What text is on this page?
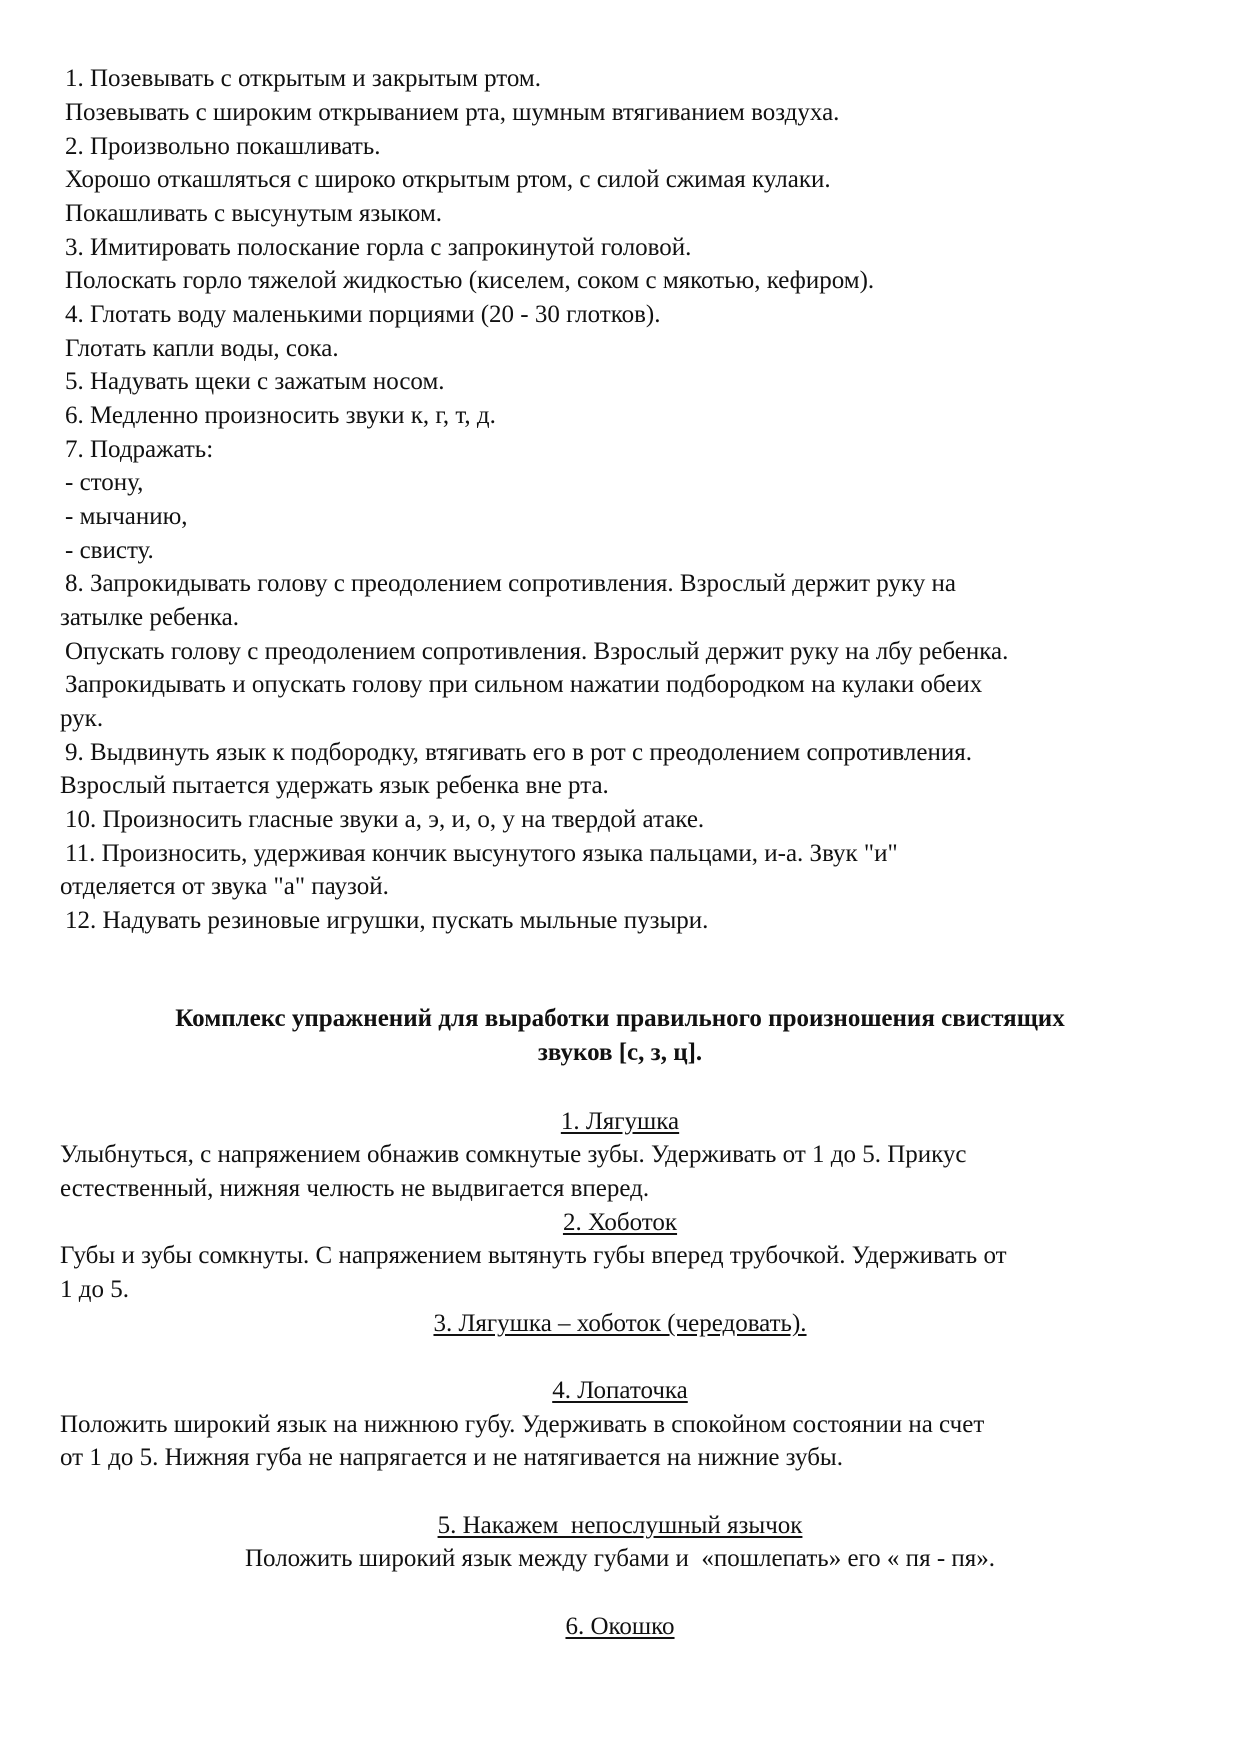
1. Позевывать с открытым и закрытым ртом.
Позевывать с широким открыванием рта, шумным втягиванием воздуха.
2. Произвольно покашливать.
Хорошо откашляться с широко открытым ртом, с силой сжимая кулаки.
Покашливать с высунутым языком.
3. Имитировать полоскание горла с запрокинутой головой.
Полоскать горло тяжелой жидкостью (киселем, соком с мякотью, кефиром).
4. Глотать воду маленькими порциями (20 - 30 глотков).
Глотать капли воды, сока.
5. Надувать щеки с зажатым носом.
6. Медленно произносить звуки к, г, т, д.
7. Подражать:
- стону,
- мычанию,
- свисту.
8. Запрокидывать голову с преодолением сопротивления. Взрослый держит руку на
затылке ребенка.
Опускать голову с преодолением сопротивления. Взрослый держит руку на лбу ребенка.
Запрокидывать и опускать голову при сильном нажатии подбородком на кулаки обеих
рук.
9. Выдвинуть язык к подбородку, втягивать его в рот с преодолением сопротивления.
Взрослый пытается удержать язык ребенка вне рта.
10. Произносить гласные звуки а, э, и, о, у на твердой атаке.
11. Произносить, удерживая кончик высунутого языка пальцами, и-а. Звук "и"
отделяется от звука "а" паузой.
12. Надувать резиновые игрушки, пускать мыльные пузыри.
Комплекс упражнений для выработки правильного произношения свистящих
звуков [с, з, ц].
1. Лягушка
Улыбнуться, с напряжением обнажив сомкнутые зубы. Удерживать от 1 до 5. Прикус
естественный, нижняя челюсть не выдвигается вперед.
2. Хоботок
Губы и зубы сомкнуты. С напряжением вытянуть губы вперед трубочкой. Удерживать от
1 до 5.
3. Лягушка – хоботок (чередовать).
4. Лопаточка
Положить широкий язык на нижнюю губу. Удерживать в спокойном состоянии на счет
от 1 до 5. Нижняя губа не напрягается и не натягивается на нижние зубы.
5. Накажем  непослушный язычок
Положить широкий язык между губами и  «пошлепать» его « пя - пя».
6. Окошко
